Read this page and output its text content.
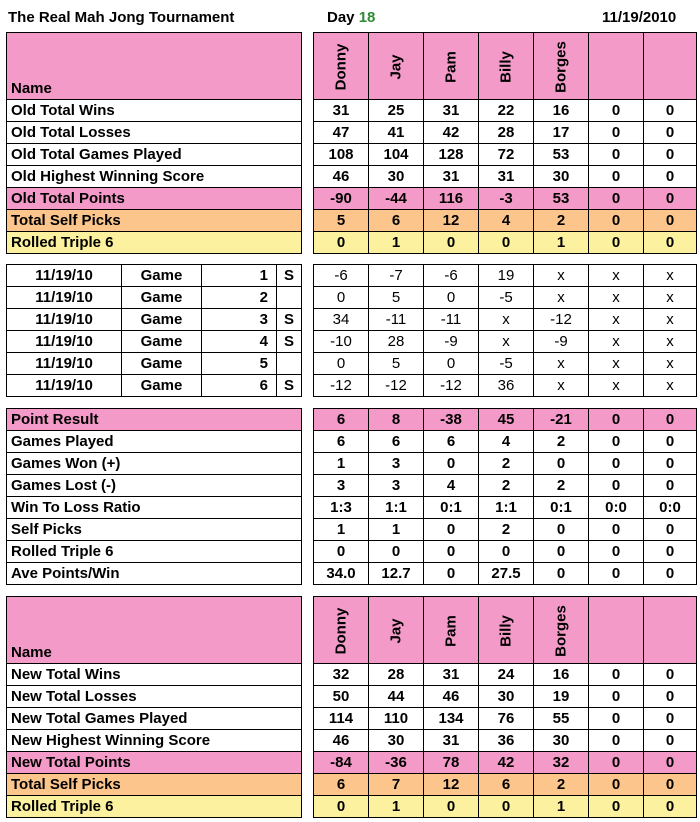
The Real Mah Jong Tournament	Day 18	11/19/2010
Name		Donny	Jay	Pam	Billy	Borges		

Old Total Wins		31	25	31	22	16	0	0
Old Total Losses		47	41	42	28	17	0	0
Old Total Games Played		108	104	128	72	53	0	0
Old Highest Winning Score		46	30	31	31	30	0	0
Old Total Points		-90	-44	116	-3	53	0	0
Total Self Picks		5	6	12	4	2	0	0
Rolled Triple 6		0	1	0	0	1	0	0
11/19/10	Game	1	S		-6	-7	-6	19	x	x	x
11/19/10	Game	2			0	5	0	-5	x	x	x
11/19/10	Game	3	S		34	-11	-11	x	-12	x	x
11/19/10	Game	4	S		-10	28	-9	x	-9	x	x
11/19/10	Game	5			0	5	0	-5	x	x	x
11/19/10	Game	6	S		-12	-12	-12	36	x	x	x
Point Result		6	8	-38	45	-21	0	0
Games Played		6	6	6	4	2	0	0
Games Won (+)		1	3	0	2	0	0	0
Games Lost (-)		3	3	4	2	2	0	0
Win To Loss Ratio		1:3	1:1	0:1	1:1	0:1	0:0	0:0
Self Picks		1	1	0	2	0	0	0
Rolled Triple 6		0	0	0	0	0	0	0
Ave Points/Win		34.0	12.7	0	27.5	0	0	0
Name		Donny	Jay	Pam	Billy	Borges		

New Total Wins		32	28	31	24	16	0	0
New Total Losses		50	44	46	30	19	0	0
New Total Games Played		114	110	134	76	55	0	0
New Highest Winning Score		46	30	31	36	30	0	0
New Total Points		-84	-36	78	42	32	0	0
Total Self Picks		6	7	12	6	2	0	0
Rolled Triple 6		0	1	0	0	1	0	0
